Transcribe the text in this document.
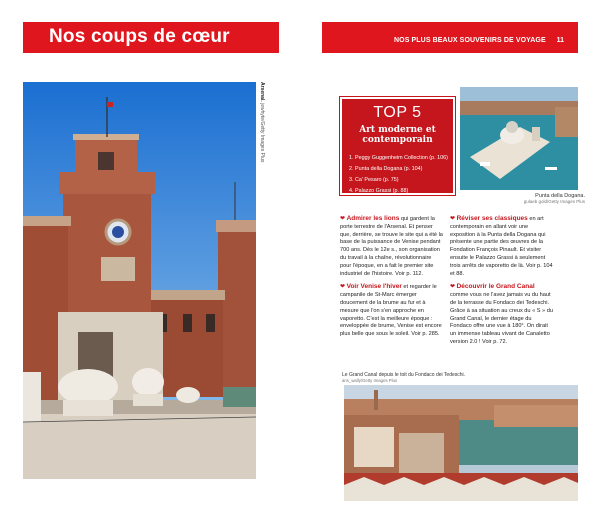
Nos coups de cœur
Arsenal. jewhyte/Getty Images Plus
NOS PLUS BEAUX SOUVENIRS DE VOYAGE 11
TOP 5
Art moderne et
contemporain
1. Peggy Guggenheim Collection (p. 106)
2. Punta della Dogana (p. 104)
3. Ca' Pesaro (p. 75)
4. Palazzo Grassi (p. 88)
5. Spazio Vedova (p. 103)
Punta della Dogana.
gulaeb gold/Getty Images Plus

❤ Admirer les lions qui gardent la porte terrestre de l'Arsenal. Et penser que, derrière, se trouve le site qui a été la base de la puissance de Venise pendant 700 ans. Dès le 12e s., son organisation du travail à la chaîne, révolutionnaire pour l'époque, en a fait le premier site industriel de l'histoire. Voir p. 112.

❤ Voir Venise l'hiver et regarder le campanile de St-Marc émerger doucement de la brume au fur et à mesure que l'on s'en approche en vaporetto. C'est la meilleure époque : enveloppée de brume, Venise est encore plus belle que sous le soleil. Voir p. 285.

❤ Réviser ses classiques en art contemporain en allant voir une exposition à la Punta della Dogana qui présente une partie des œuvres de la Fondation François Pinault. Et visiter ensuite le Palazzo Grassi à seulement trois arrêts de vaporetto de là. Voir p. 104 et 88.

❤ Découvrir le Grand Canal comme vous ne l'avez jamais vu du haut de la terrasse du Fondaco dei Tedeschi. Grâce à sa situation au creux du « S » du Grand Canal, le dernier étage du Fondaco offre une vue à 180°. On dirait un immense tableau vivant de Canaletto version 2.0 ! Voir p. 72.

Le Grand Canal depuis le toit du Fondaco dei Tedeschi.
ans_wally/Getty Images Plus
